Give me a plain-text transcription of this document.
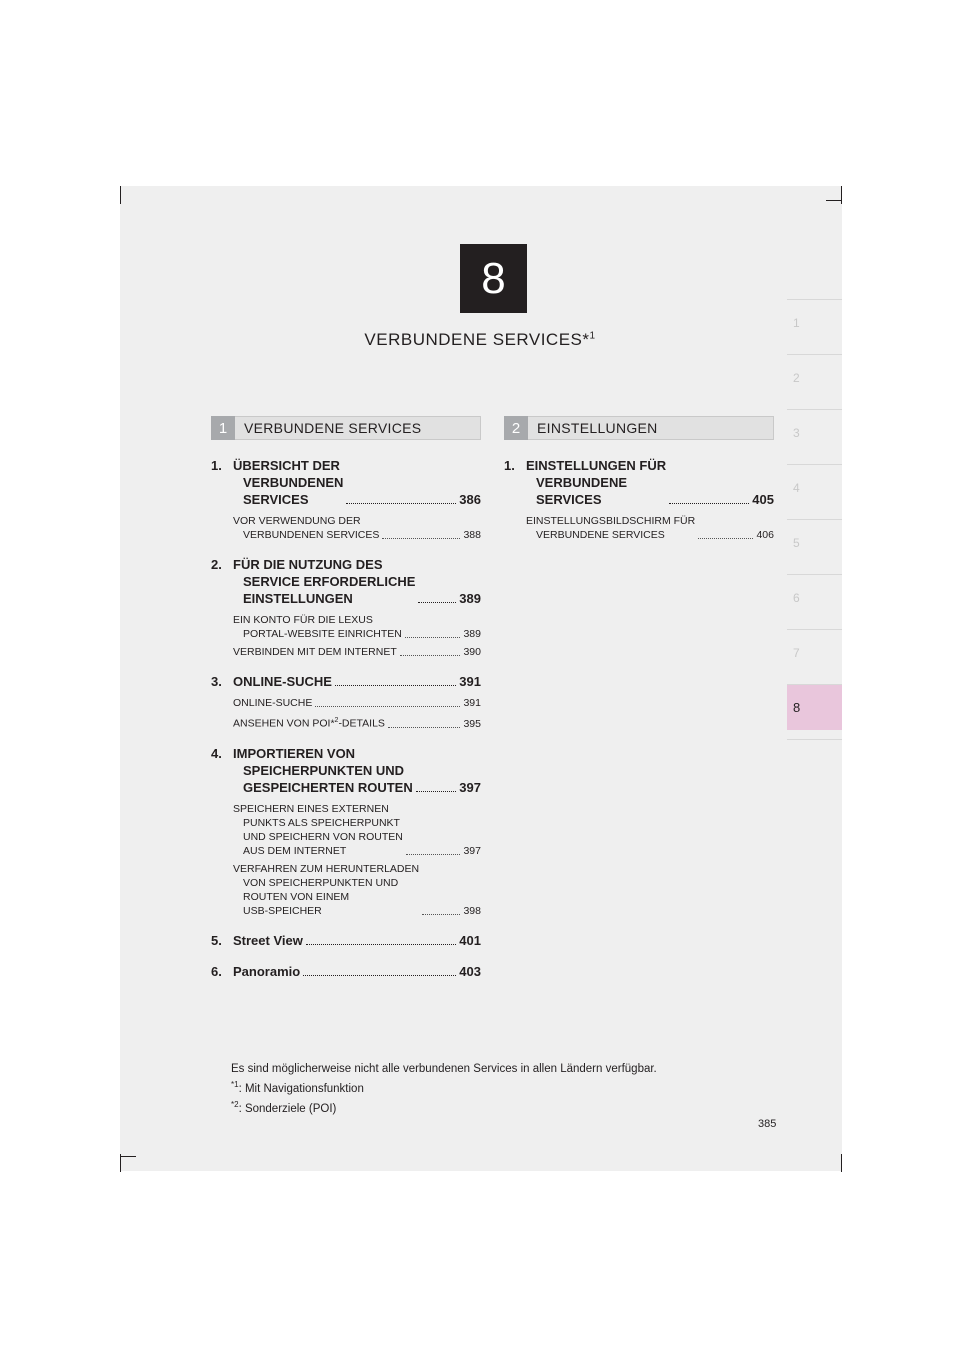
8
VERBUNDENE SERVICES*$^1$
1
2
3
4
5
6
7
8
1	VERBUNDENE SERVICES	2	EINSTELLUNGEN
1. ÜBERSICHT DER
VERBUNDENEN
SERVICES	386
VOR VERWENDUNG DER
VERBUNDENEN SERVICES	388
2. FÜR DIE NUTZUNG DES
SERVICE ERFORDERLICHE
EINSTELLUNGEN	389
EIN KONTO FÜR DIE LEXUS
PORTAL-WEBSITE EINRICHTEN	389
VERBINDEN MIT DEM INTERNET	390
3. ONLINE-SUCHE	391
ONLINE-SUCHE	391
ANSEHEN VON POI*$^2$-DETAILS	395
4. IMPORTIEREN VON
SPEICHERPUNKTEN UND
GESPEICHERTEN ROUTEN	397
SPEICHERN EINES EXTERNEN
PUNKTS ALS SPEICHERPUNKT
UND SPEICHERN VON ROUTEN
AUS DEM INTERNET	397
VERFAHREN ZUM HERUNTERLADEN
VON SPEICHERPUNKTEN UND
ROUTEN VON EINEM
USB-SPEICHER	398
5. Street View	401
6. Panoramio	403
1. EINSTELLUNGEN FÜR
VERBUNDENE
SERVICES	405
EINSTELLUNGSBILDSCHIRM FÜR
VERBUNDENE SERVICES	406
Es sind möglicherweise nicht alle verbundenen Services in allen Ländern verfügbar.
$^{*1}$: Mit Navigationsfunktion
$^{*2}$: Sonderziele (POI)
385
